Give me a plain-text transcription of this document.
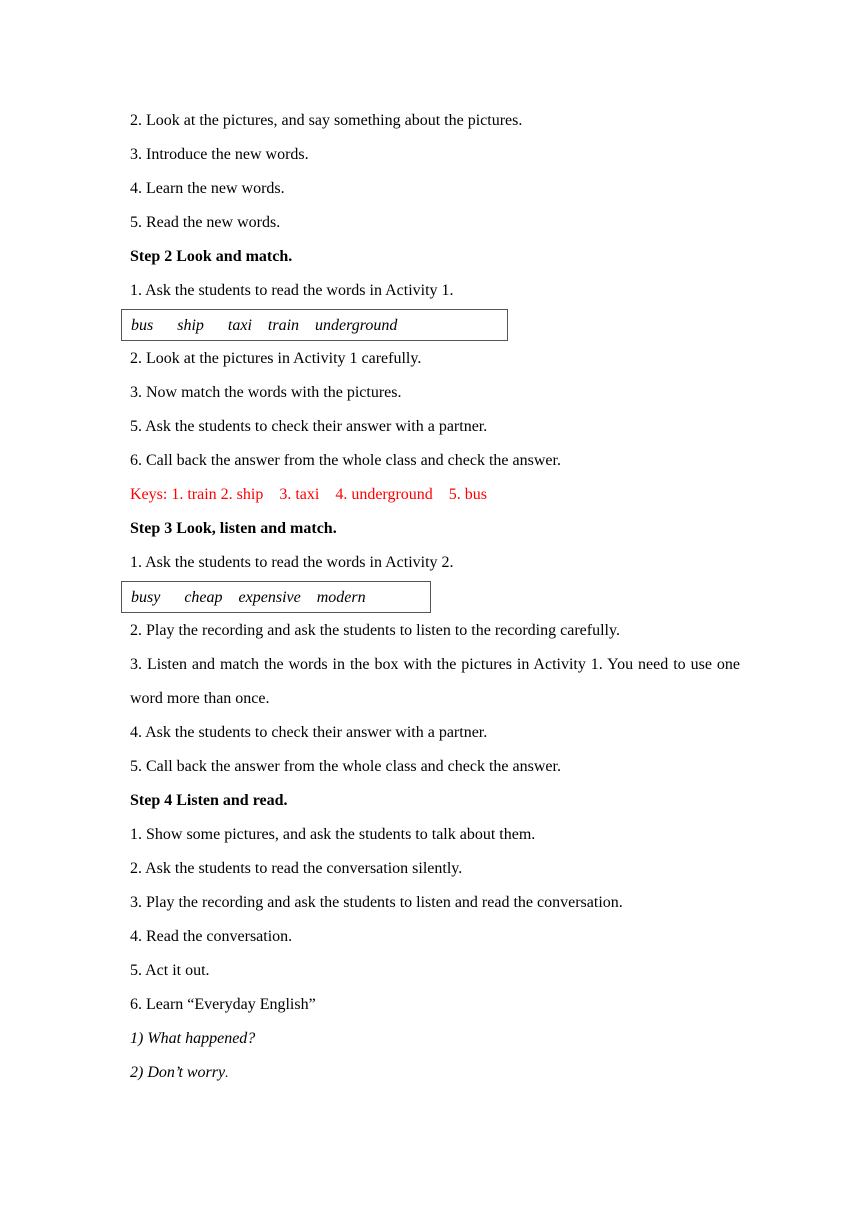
2. Look at the pictures, and say something about the pictures.
3. Introduce the new words.
4. Learn the new words.
5. Read the new words.
Step 2 Look and match.
1. Ask the students to read the words in Activity 1.
bus      ship      taxi    train    underground
2. Look at the pictures in Activity 1 carefully.
3. Now match the words with the pictures.
5. Ask the students to check their answer with a partner.
6. Call back the answer from the whole class and check the answer.
Keys: 1. train 2. ship    3. taxi    4. underground    5. bus
Step 3 Look, listen and match.
1. Ask the students to read the words in Activity 2.
busy      cheap    expensive    modern
2. Play the recording and ask the students to listen to the recording carefully.
3. Listen and match the words in the box with the pictures in Activity 1. You need to use one word more than once.
4. Ask the students to check their answer with a partner.
5. Call back the answer from the whole class and check the answer.
Step 4 Listen and read.
1. Show some pictures, and ask the students to talk about them.
2. Ask the students to read the conversation silently.
3. Play the recording and ask the students to listen and read the conversation.
4. Read the conversation.
5. Act it out.
6. Learn “Everyday English”
1) What happened?
2) Don’t worry.
